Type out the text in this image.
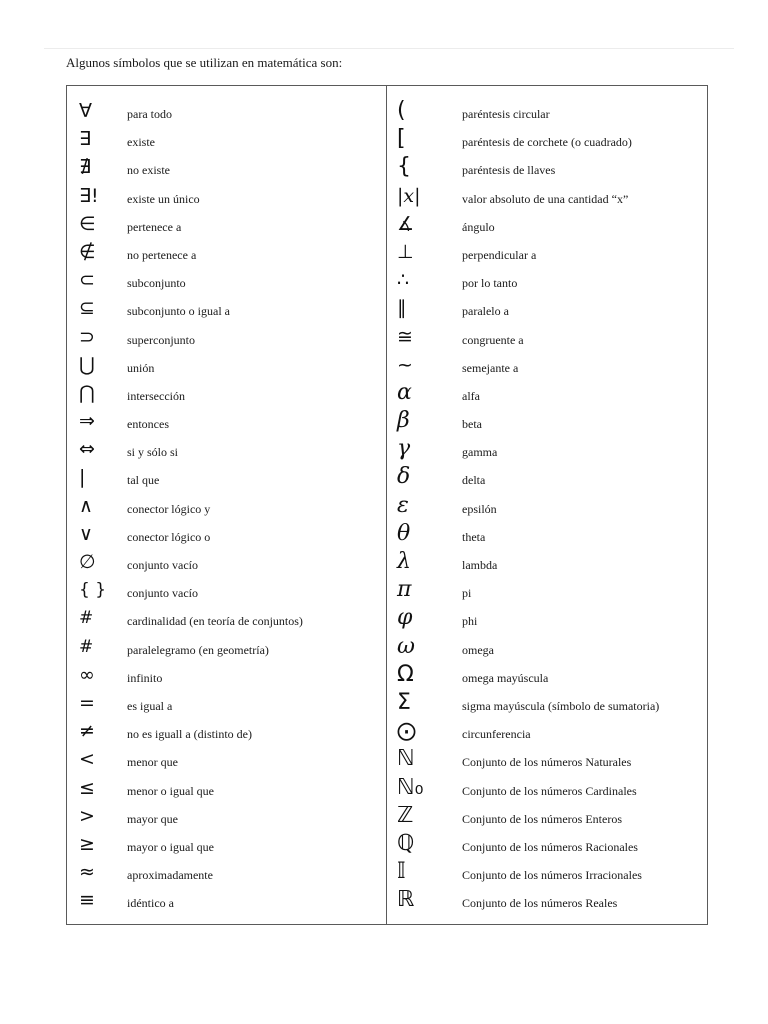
Algunos símbolos que se utilizan en matemática son:
∀	para todo
∃	existe
∄	no existe
∃! existe un único
∈	pertenece a
∉	no pertenece a
⊂	subconjunto
⊆	subconjunto o igual a
⊃	superconjunto
⋃	unión
⋂	intersección
⇒	entonces
⇔	si y sólo si
|	tal que
∧	conector lógico y
∨	conector lógico o
∅	conjunto vacío
{ } conjunto vacío
#	cardinalidad (en teoría de conjuntos)
#	paralelegramo (en geometría)
∞	infinito
=	es igual a
≠	no es iguall a (distinto de)
<	menor que
≤	menor o igual que
>	mayor que
≥	mayor o igual que
≈	aproximadamente
≡	idéntico a
(	paréntesis circular
[	paréntesis de corchete (o cuadrado)
{	paréntesis de llaves
|x|	valor absoluto de una cantidad “x”
∡	ángulo
⊥	perpendicular a
∴	por lo tanto
∥	paralelo a
≅	congruente a
~	semejante a
α	alfa
β	beta
γ	gamma
δ	delta
ε	epsilón
θ	theta
λ	lambda
π	pi
φ	phi
ω	omega
Ω	omega mayúscula
Σ	sigma mayúscula (símbolo de sumatoria)
⨀	circunferencia
ℕ	Conjunto de los números Naturales
ℕ₀	Conjunto de los números Cardinales
ℤ	Conjunto de los números Enteros
ℚ	Conjunto de los números Racionales
𝕀	Conjunto de los números Irracionales
ℝ	Conjunto de los números Reales
